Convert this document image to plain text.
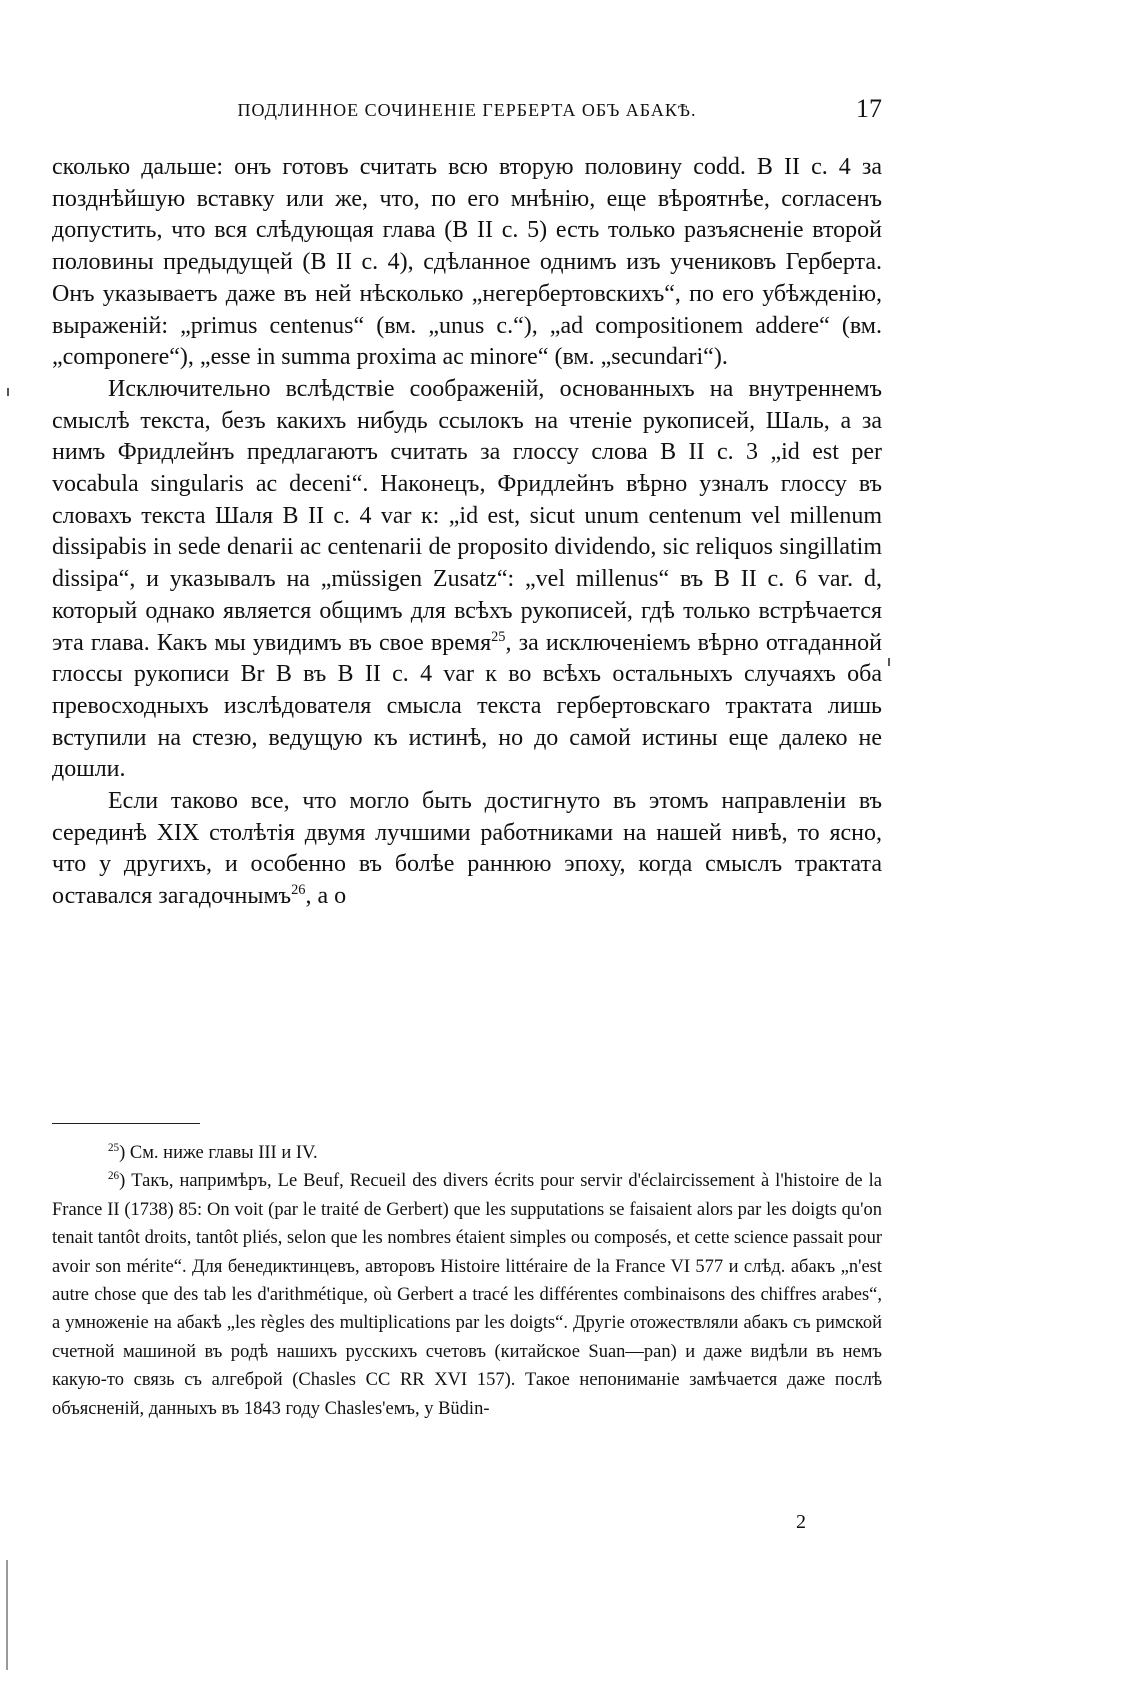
ПОДЛИННОЕ СОЧИНЕНІЕ ГЕРБЕРТА ОБЪ АБАКѢ.	17

сколько дальше: онъ готовъ считать всю вторую половину codd. B II c. 4 за позднѣйшую вставку или же, что, по его мнѣнію, еще вѣроятнѣе, согласенъ допустить, что вся слѣдующая глава (B II c. 5) есть только разъясненіе второй половины предыдущей (B II c. 4), сдѣланное однимъ изъ учениковъ Герберта. Онъ указываетъ даже въ ней нѣсколько „негербертовскихъ“, по его убѣжденію, выраженій: „primus centenus“ (вм. „unus c.“), „ad compositionem addere“ (вм. „componere“), „esse in summa proxima ac minore“ (вм. „secundari“).

Исключительно вслѣдствіе соображеній, основанныхъ на внутреннемъ смыслѣ текста, безъ какихъ нибудь ссылокъ на чтеніе рукописей, Шаль, а за нимъ Фридлейнъ предлагаютъ считать за глоссу слова B II c. 3 „id est per vocabula singularis ac deceni“. Наконецъ, Фридлейнъ вѣрно узналъ глоссу въ словахъ текста Шаля B II c. 4 var к: „id est, sicut unum centenum vel millenum dissipabis in sede denarii ac centenarii de proposito dividendo, sic reliquos singillatim dissipa“, и указывалъ на „müssigen Zusatz“: „vel millenus“ въ B II c. 6 var. d, который однако является общимъ для всѣхъ рукописей, гдѣ только встрѣчается эта глава. Какъ мы увидимъ въ свое время$^{25}$, за исключеніемъ вѣрно отгаданной глоссы рукописи Br B въ B II c. 4 var к во всѣхъ остальныхъ случаяхъ оба превосходныхъ изслѣдователя смысла текста гербертовскаго трактата лишь вступили на стезю, ведущую къ истинѣ, но до самой истины еще далеко не дошли.

Если таково все, что могло быть достигнуто въ этомъ направленіи въ серединѣ XIX столѣтія двумя лучшими работниками на нашей нивѣ, то ясно, что у другихъ, и особенно въ болѣе раннюю эпоху, когда смыслъ трактата оставался загадочнымъ$^{26}$, а о

$^{25}$) См. ниже главы III и IV.

$^{26}$) Такъ, напримѣръ, Le Beuf, Recueil des divers écrits pour servir d'éclaircissement à l'histoire de la France II (1738) 85: On voit (par le traité de Gerbert) que les supputations se faisaient alors par les doigts qu'on tenait tantôt droits, tantôt pliés, selon que les nombres étaient simples ou composés, et cette science passait pour avoir son mérite“. Для бенедиктинцевъ, авторовъ Histoire littéraire de la France VI 577 и слѣд. абакъ „n'est autre chose que des tab les d'arithmétique, où Gerbert a tracé les différentes combinaisons des chiffres arabes“, а умноженіе на абакѣ „les règles des multiplications par les doigts“. Другіе отожествляли абакъ съ римской счетной машиной въ родѣ нашихъ русскихъ счетовъ (китайское Suan—pan) и даже видѣли въ немъ какую-то связь съ алгеброй (Chasles CC RR XVI 157). Такое непониманіе замѣчается даже послѣ объясненій, данныхъ въ 1843 году Chasles'емъ, у Büdin-

2
